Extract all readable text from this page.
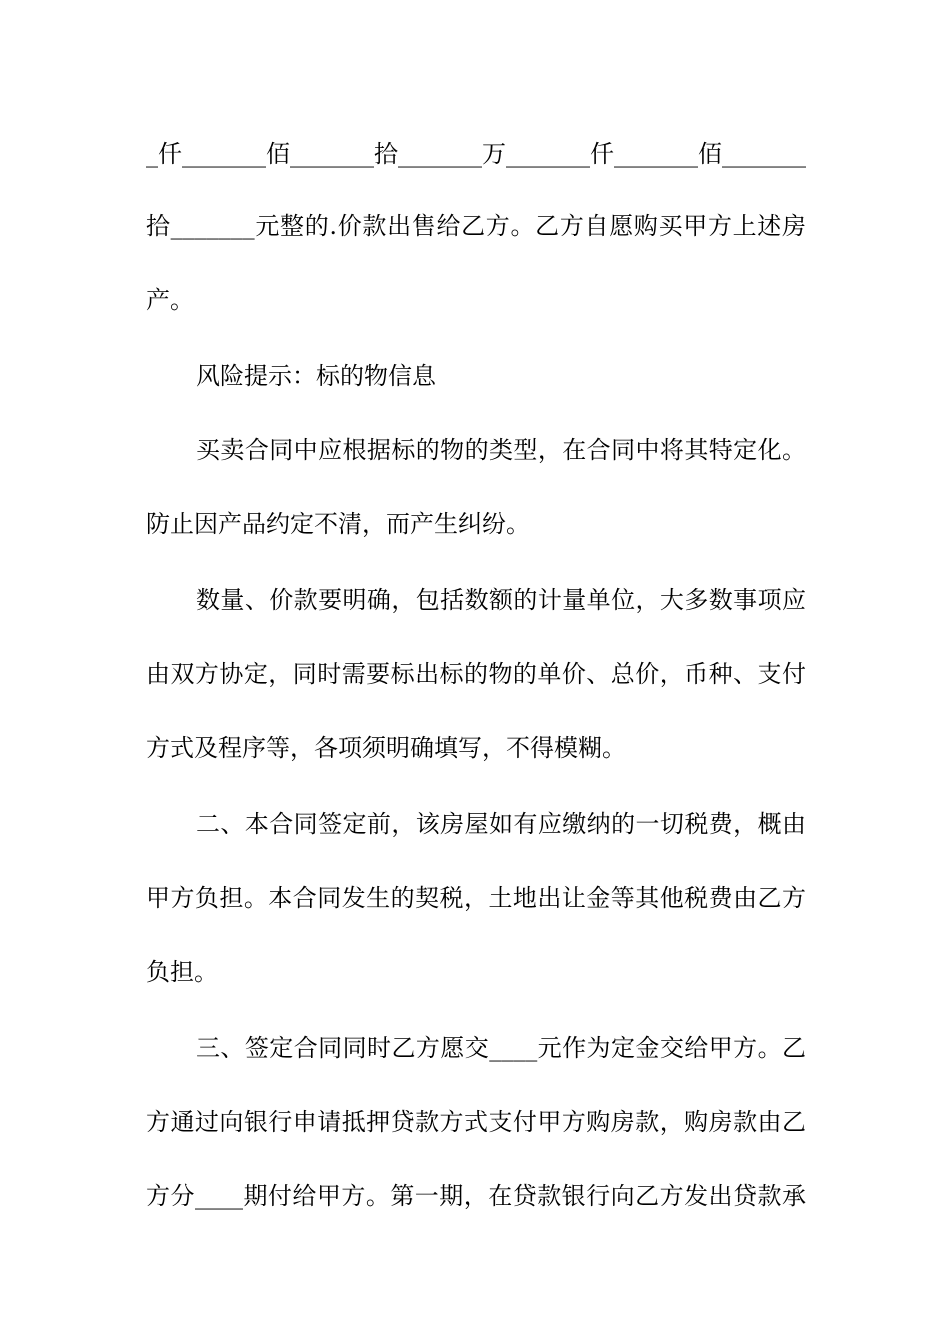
_仟_______佰_______拾_______万_______仟_______佰_______
拾_______元整的.价款出售给乙方。乙方自愿购买甲方上述房
产。
风险提示：标的物信息
买卖合同中应根据标的物的类型，在合同中将其特定化。
防止因产品约定不清，而产生纠纷。
数量、价款要明确，包括数额的计量单位，大多数事项应
由双方协定，同时需要标出标的物的单价、总价，币种、支付
方式及程序等，各项须明确填写，不得模糊。
二、本合同签定前，该房屋如有应缴纳的一切税费，概由
甲方负担。本合同发生的契税，土地出让金等其他税费由乙方
负担。
三、签定合同同时乙方愿交____元作为定金交给甲方。乙
方通过向银行申请抵押贷款方式支付甲方购房款，购房款由乙
方分____期付给甲方。第一期，在贷款银行向乙方发出贷款承
